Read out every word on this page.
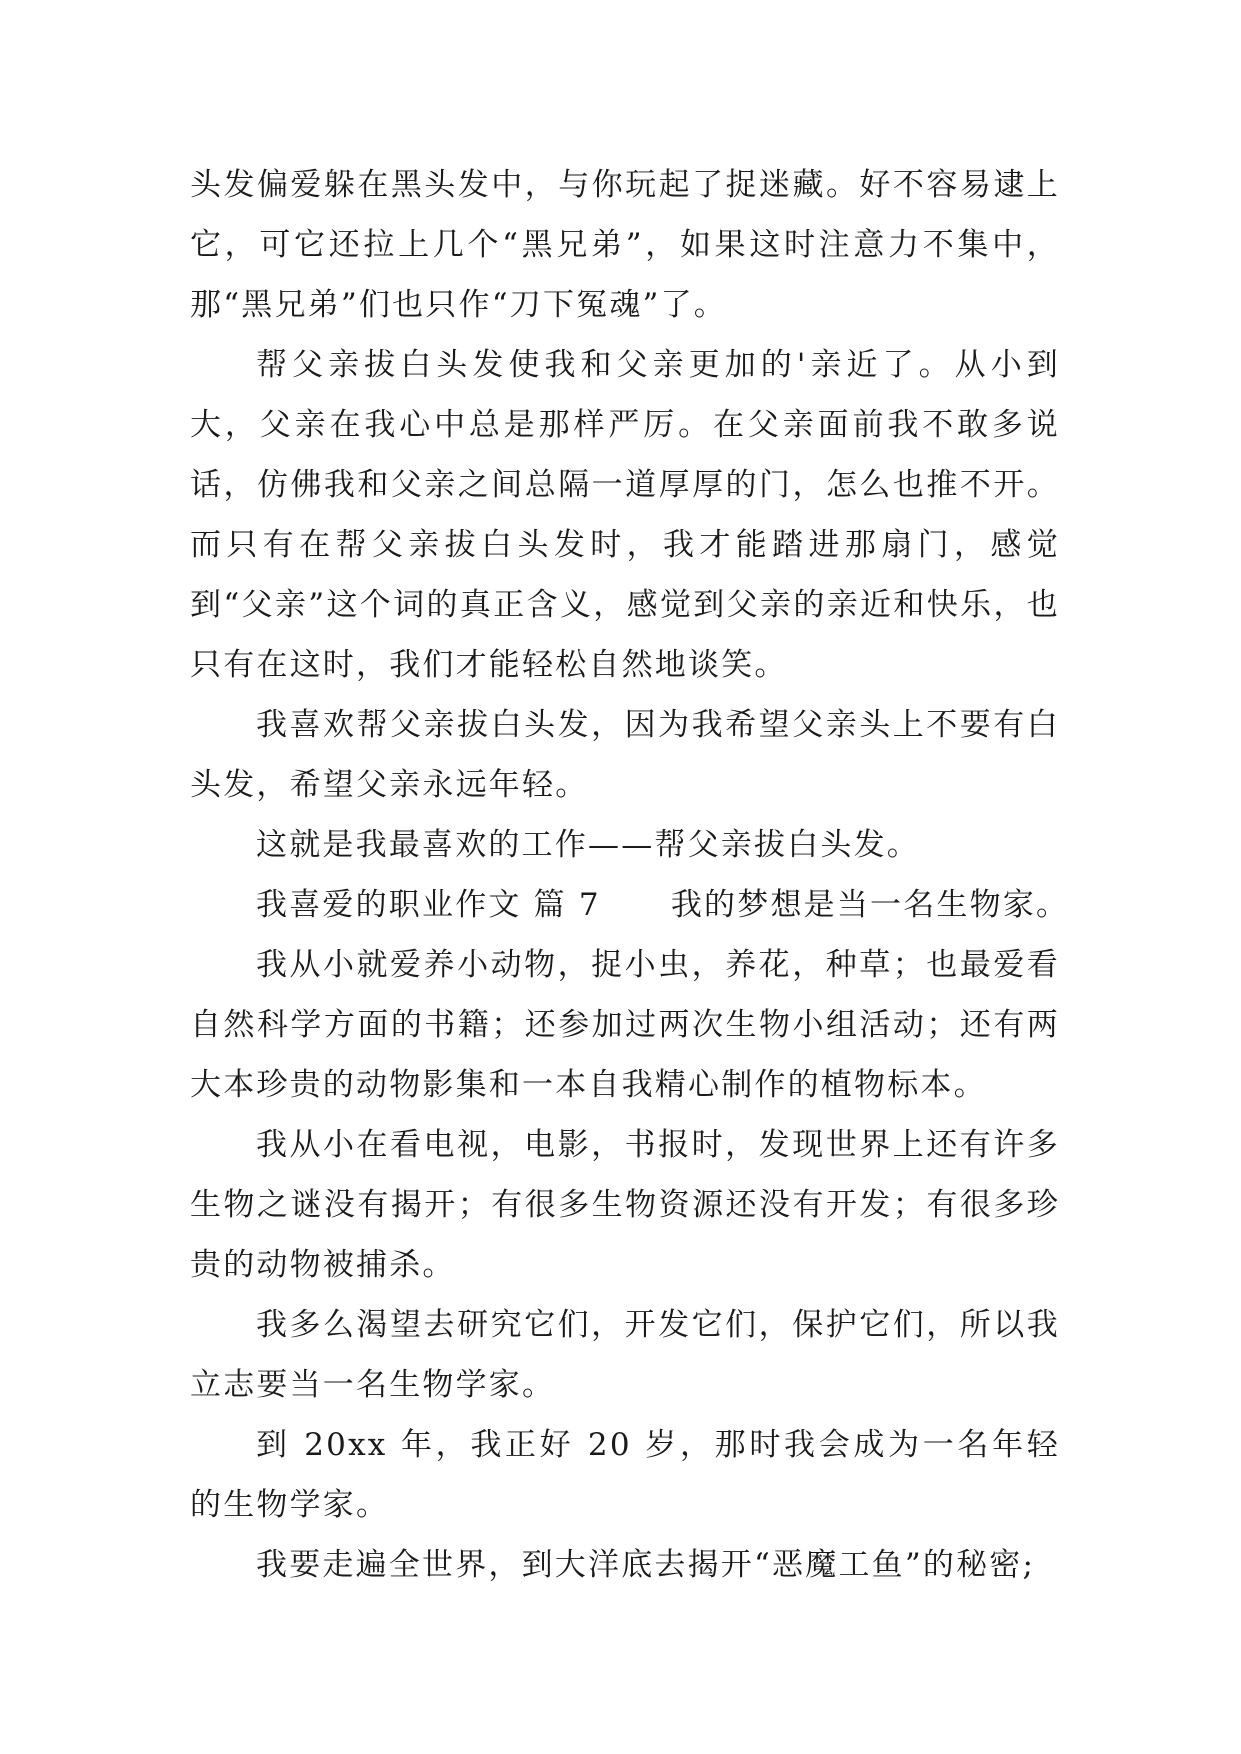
头发偏爱躲在黑头发中，与你玩起了捉迷藏。好不容易逮上它，可它还拉上几个“黑兄弟”，如果这时注意力不集中，那“黑兄弟”们也只作“刀下冤魂”了。

帮父亲拔白头发使我和父亲更加的'亲近了。从小到大，父亲在我心中总是那样严厉。在父亲面前我不敢多说话，仿佛我和父亲之间总隔一道厚厚的门，怎么也推不开。而只有在帮父亲拔白头发时，我才能踏进那扇门，感觉到“父亲”这个词的真正含义，感觉到父亲的亲近和快乐，也只有在这时，我们才能轻松自然地谈笑。

我喜欢帮父亲拔白头发，因为我希望父亲头上不要有白头发，希望父亲永远年轻。

这就是我最喜欢的工作——帮父亲拔白头发。

我喜爱的职业作文 篇 7 我的梦想是当一名生物家。

我从小就爱养小动物，捉小虫，养花，种草；也最爱看自然科学方面的书籍；还参加过两次生物小组活动；还有两大本珍贵的动物影集和一本自我精心制作的植物标本。

我从小在看电视，电影，书报时，发现世界上还有许多生物之谜没有揭开；有很多生物资源还没有开发；有很多珍贵的动物被捕杀。

我多么渴望去研究它们，开发它们，保护它们，所以我立志要当一名生物学家。

到 20xx 年，我正好 20 岁，那时我会成为一名年轻的生物学家。

我要走遍全世界，到大洋底去揭开“恶魔工鱼”的秘密;
